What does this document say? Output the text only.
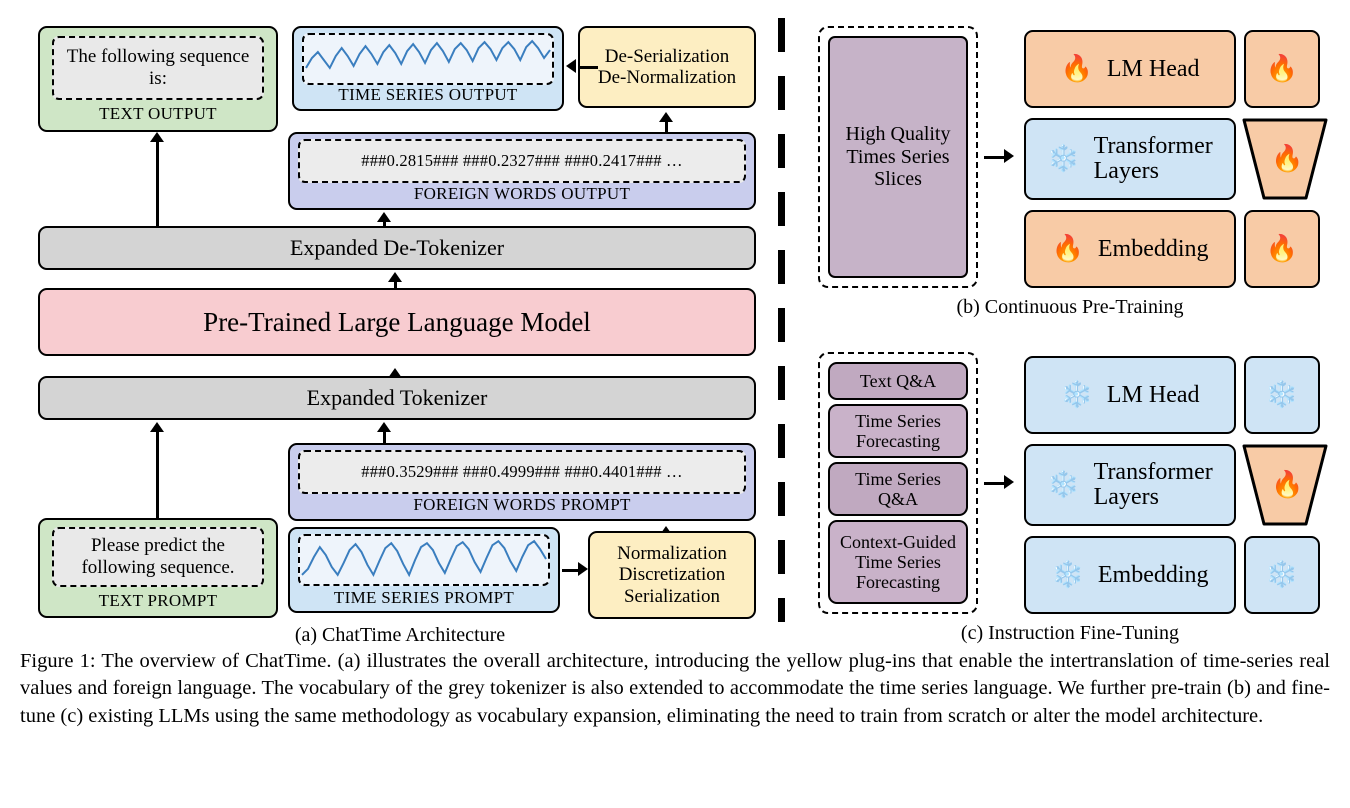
The following sequence is:
TEXT OUTPUT
TIME SERIES OUTPUT
De-Serialization
De-Normalization
###0.2815### ###0.2327### ###0.2417### …
FOREIGN WORDS OUTPUT
Expanded De-Tokenizer
Pre-Trained Large Language Model
Expanded Tokenizer
###0.3529### ###0.4999### ###0.4401### …
FOREIGN WORDS PROMPT
Please predict the following sequence.
TEXT PROMPT	TIME SERIES PROMPT
Normalization
Discretization
Serialization
(a) ChatTime Architecture
High Quality
Times Series
Slices
🔥 LM Head	🔥
❄️ Transformer
Layers	🔥
🔥 Embedding 🔥
(b) Continuous Pre-Training
Text Q&A
Time Series
Forecasting
Time Series
Q&A
Context-Guided
Time Series
Forecasting
❄️ LM Head	❄️
❄️ Transformer
Layers	🔥
❄️ Embedding ❄️
(c) Instruction Fine-Tuning
Figure 1: The overview of ChatTime. (a) illustrates the overall architecture, introducing the yellow plug-ins that enable the intertranslation of time-series real values and foreign language. The vocabulary of the grey tokenizer is also extended to accommodate the time series language. We further pre-train (b) and fine-tune (c) existing LLMs using the same methodology as vocabulary expansion, eliminating the need to train from scratch or alter the model architecture.
